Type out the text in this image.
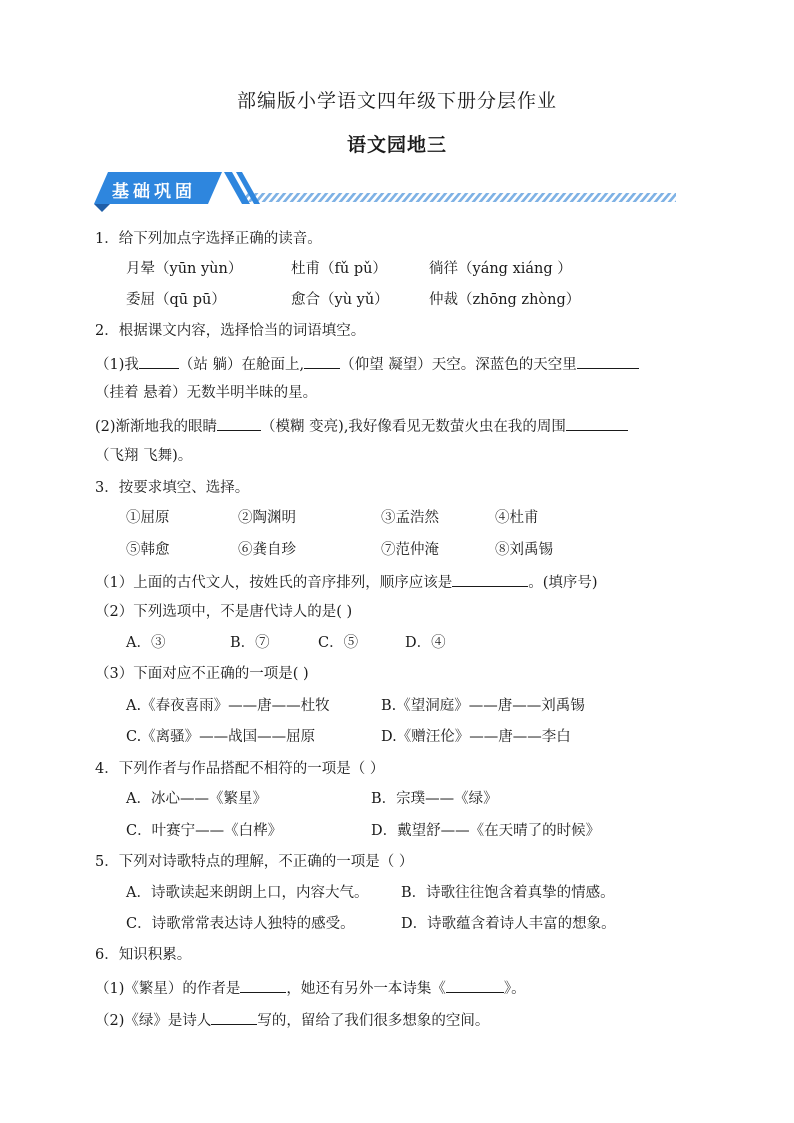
部编版小学语文四年级下册分层作业
语文园地三
基础巩固
1．给下列加点字选择正确的读音。
月晕（yūn yùn）	杜甫（fǔ pǔ）	徜徉（yáng xiáng ）
委屈（qū pū）	愈合（yù yǔ）	仲裁（zhōng zhòng）
2．根据课文内容，选择恰当的词语填空。
（1)我	（站 躺）在舱面上, （仰望 凝望）天空。深蓝色的天空里
（挂着 悬着）无数半明半昧的星。
(2)渐渐地我的眼睛	（模糊 变亮),我好像看见无数萤火虫在我的周围
（飞翔 飞舞)。
3．按要求填空、选择。
①屈原	②陶渊明	③孟浩然	④杜甫
⑤韩愈	⑥龚自珍	⑦范仲淹	⑧刘禹锡
（1）上面的古代文人，按姓氏的音序排列，顺序应该是	。(填序号)
（2）下列选项中，不是唐代诗人的是( )
A．③	B．⑦	C．⑤	D．④
（3）下面对应不正确的一项是( )
A.《春夜喜雨》——唐——杜牧	B.《望洞庭》——唐——刘禹锡
C.《离骚》——战国——屈原	D.《赠汪伦》——唐——李白
4．下列作者与作品搭配不相符的一项是（ ）
A．冰心——《繁星》	B．宗璞——《绿》
C．叶赛宁——《白桦》	D．戴望舒——《在天晴了的时候》
5．下列对诗歌特点的理解，不正确的一项是（ ）
A．诗歌读起来朗朗上口，内容大气。 B．诗歌往往饱含着真挚的情感。
C．诗歌常常表达诗人独特的感受。	D．诗歌蕴含着诗人丰富的想象。
6．知识积累。
（1)《繁星）的作者是	，她还有另外一本诗集《	》。
（2)《绿》是诗人	写的，留给了我们很多想象的空间。
